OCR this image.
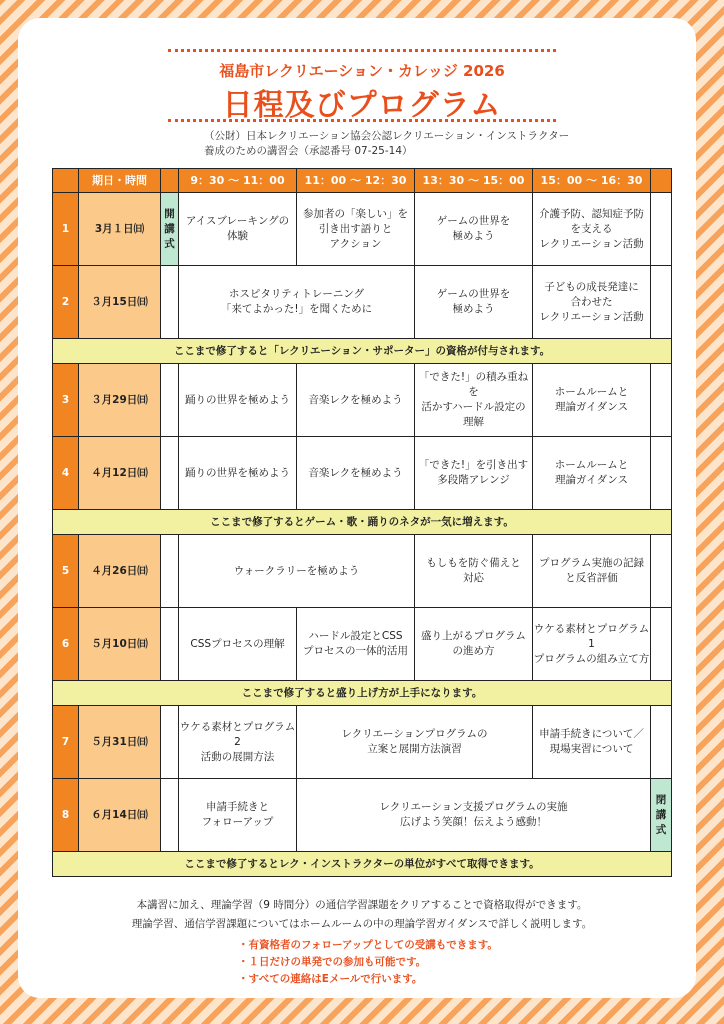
福島市レクリエーション・カレッジ 2026
日程及びプログラム
（公財）日本レクリエーション協会公認レクリエーション・インストラクター
養成のための講習会（承認番号 07-25-14）
	期日・時間		9：30 ～ 11：00	11：00 ～ 12：30	13：30 ～ 15：00	15：00 ～ 16：30	
1	3月１日㈰	開
講
式	アイスブレーキングの
体験	参加者の「楽しい」を
引き出す語りと
アクション	ゲームの世界を
極めよう	介護予防、認知症予防
を支える
レクリエーション活動	
2	３月15日㈰		ホスピタリティトレーニング
「来てよかった!」を聞くために		ゲームの世界を
極めよう	子どもの成長発達に
合わせた
レクリエーション活動	
ここまで修了すると「レクリエーション・サポーター」の資格が付与されます。							
3	３月29日㈰		踊りの世界を極めよう	音楽レクを極めよう	「できた!」の積み重ねを
活かすハードル設定の
理解	ホームルームと
理論ガイダンス	
4	４月12日㈰		踊りの世界を極めよう	音楽レクを極めよう	「できた!」を引き出す
多段階アレンジ	ホームルームと
理論ガイダンス	
ここまで修了するとゲーム・歌・踊りのネタが一気に増えます。							
5	４月26日㈰		ウォークラリーを極めよう		もしもを防ぐ備えと
対応	プログラム実施の記録
と反省評価	
6	５月10日㈰		CSSプロセスの理解	ハードル設定とCSS
プロセスの一体的活用	盛り上がるプログラム
の進め方	ウケる素材とプログラム1
プログラムの組み立て方	
ここまで修了すると盛り上げ方が上手になります。							
7	５月31日㈰		ウケる素材とプログラム2
活動の展開方法	レクリエーションプログラムの
立案と展開方法演習		申請手続きについて／
現場実習について	
8	６月14日㈰		申請手続きと
フォローアップ	レクリエーション支援プログラムの実施
広げよう笑顔！伝えよう感動！			閉
講
式
ここまで修了するとレク・インストラクターの単位がすべて取得できます。							
本講習に加え、理論学習（9 時間分）の通信学習課題をクリアすることで資格取得ができます。
理論学習、通信学習課題についてはホームルームの中の理論学習ガイダンスで詳しく説明します。
・有資格者のフォローアップとしての受講もできます。
・１日だけの単発での参加も可能です。
・すべての連絡はEメールで行います。
